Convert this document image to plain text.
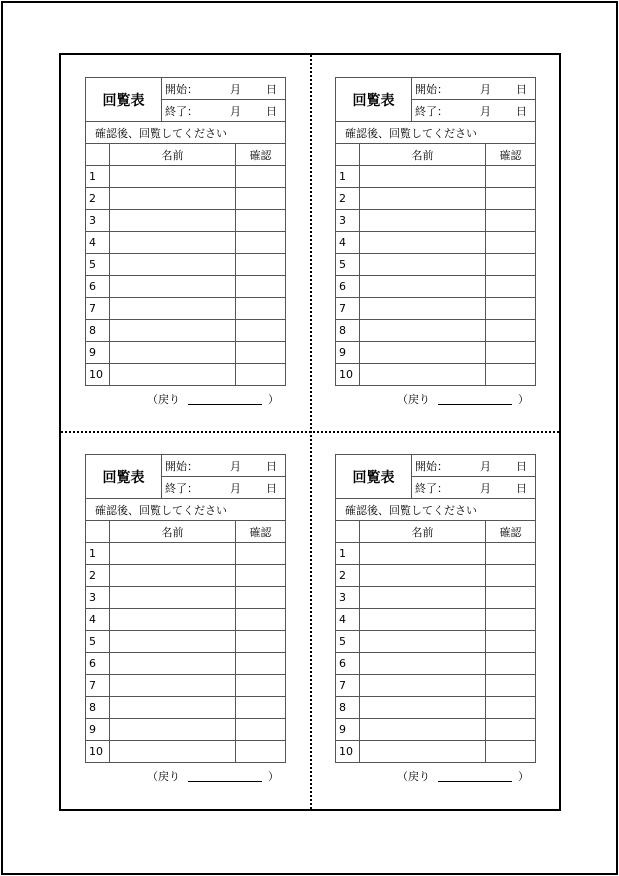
回覧表		開始： 月 日	
		終了： 月 日	
確認後、回覧してください			
	名前		確認
1			
2			
3			
4			
5			
6			
7			
8			
9			
10			
（戻り	）
回覧表		開始： 月 日	
		終了： 月 日	
確認後、回覧してください			
	名前		確認
1			
2			
3			
4			
5			
6			
7			
8			
9			
10			
（戻り	）
回覧表		開始： 月 日	
		終了： 月 日	
確認後、回覧してください			
	名前		確認
1			
2			
3			
4			
5			
6			
7			
8			
9			
10			
（戻り	）
回覧表		開始： 月 日	
		終了： 月 日	
確認後、回覧してください			
	名前		確認
1			
2			
3			
4			
5			
6			
7			
8			
9			
10			
（戻り	）
